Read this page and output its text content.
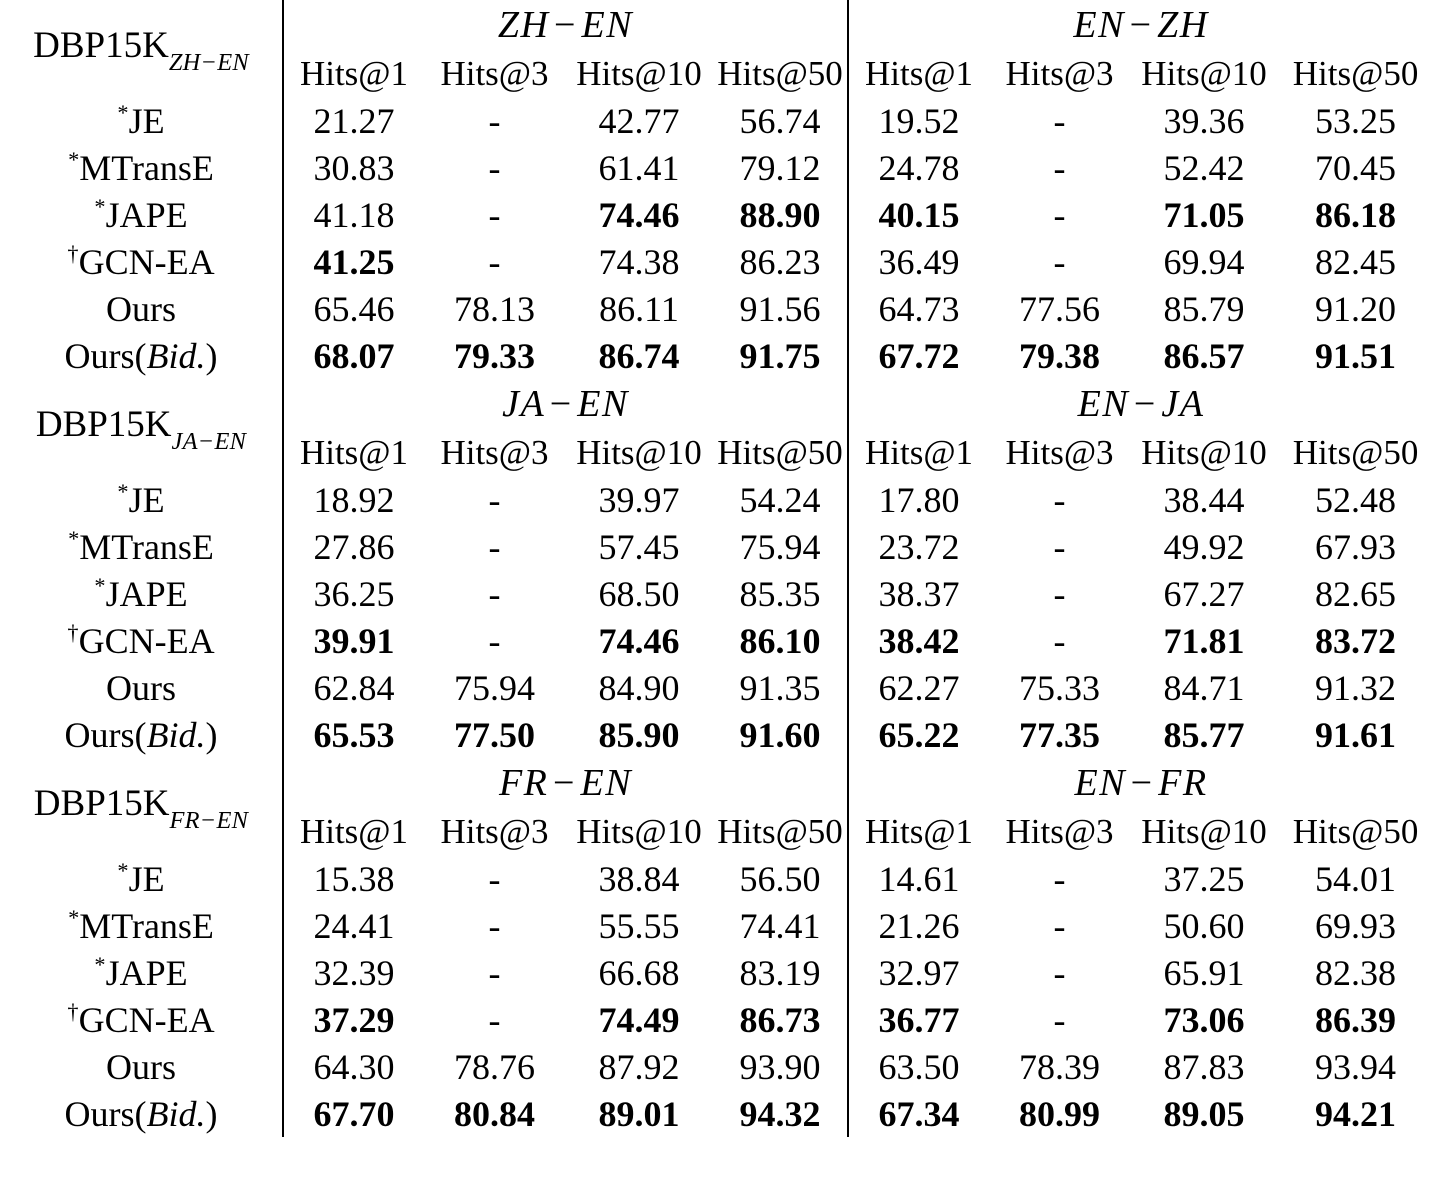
$DBP15K_{ZH-EN}$	ZH − EN				EN − ZH			
	Hits@1	Hits@3	Hits@10	Hits@50	Hits@1	Hits@3	Hits@10	Hits@50
*JE	21.27	-	42.77	56.74	19.52	-	39.36	53.25
*MTransE	30.83	-	61.41	79.12	24.78	-	52.42	70.45
*JAPE	41.18	-	74.46	88.90	40.15	-	71.05	86.18
†GCN-EA	41.25	-	74.38	86.23	36.49	-	69.94	82.45
Ours	65.46	78.13	86.11	91.56	64.73	77.56	85.79	91.20
Ours(Bid.)	68.07	79.33	86.74	91.75	67.72	79.38	86.57	91.51
$DBP15K_{JA-EN}$	JA − EN				EN − JA			
	Hits@1	Hits@3	Hits@10	Hits@50	Hits@1	Hits@3	Hits@10	Hits@50
*JE	18.92	-	39.97	54.24	17.80	-	38.44	52.48
*MTransE	27.86	-	57.45	75.94	23.72	-	49.92	67.93
*JAPE	36.25	-	68.50	85.35	38.37	-	67.27	82.65
†GCN-EA	39.91	-	74.46	86.10	38.42	-	71.81	83.72
Ours	62.84	75.94	84.90	91.35	62.27	75.33	84.71	91.32
Ours(Bid.)	65.53	77.50	85.90	91.60	65.22	77.35	85.77	91.61
$DBP15K_{FR-EN}$	FR − EN				EN − FR			
	Hits@1	Hits@3	Hits@10	Hits@50	Hits@1	Hits@3	Hits@10	Hits@50
*JE	15.38	-	38.84	56.50	14.61	-	37.25	54.01
*MTransE	24.41	-	55.55	74.41	21.26	-	50.60	69.93
*JAPE	32.39	-	66.68	83.19	32.97	-	65.91	82.38
†GCN-EA	37.29	-	74.49	86.73	36.77	-	73.06	86.39
Ours	64.30	78.76	87.92	93.90	63.50	78.39	87.83	93.94
Ours(Bid.)	67.70	80.84	89.01	94.32	67.34	80.99	89.05	94.21
